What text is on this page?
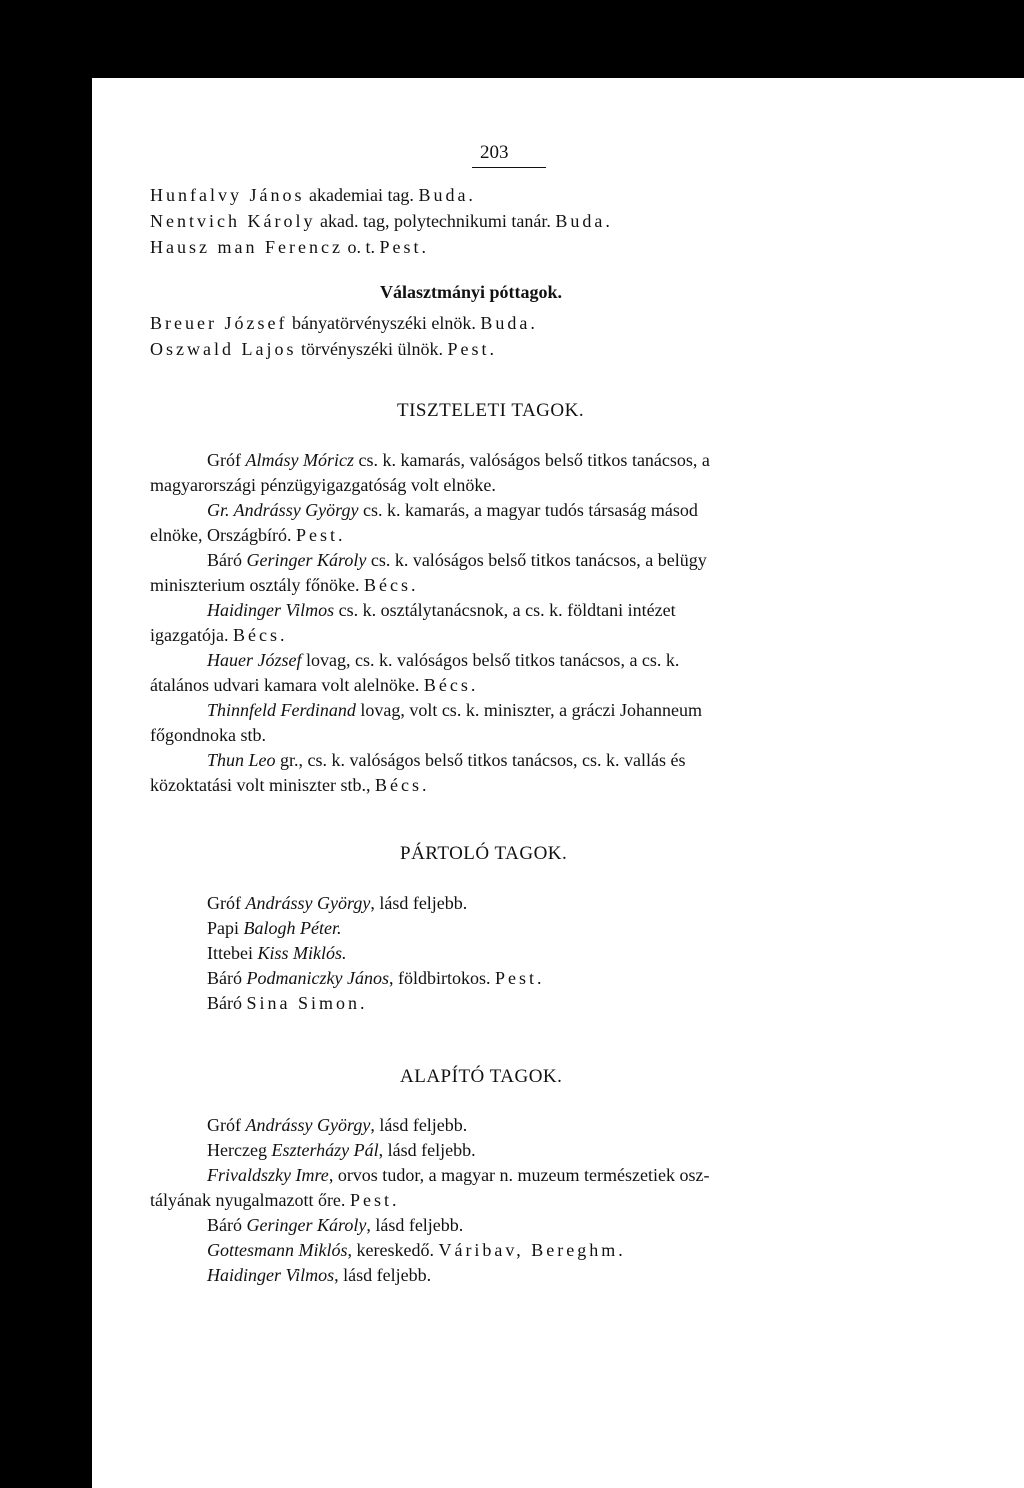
203
Hunfalvy János akademiai tag. Buda.
Nentvich Károly akad. tag, polytechnikumi tanár. Buda.
Hausz man Ferencz o. t. Pest.
Választmányi póttagok.
Breuer József bányatörvényszéki elnök. Buda.
Oszwald Lajos törvényszéki ülnök. Pest.
TISZTELETI TAGOK.
Gróf Almásy Móricz cs. k. kamarás, valóságos belső titkos tanácsos, a
magyarországi pénzügyigazgatóság volt elnöke.
Gr. Andrássy György cs. k. kamarás, a magyar tudós társaság másod
elnöke, Országbíró. Pest.
Báró Geringer Károly cs. k. valóságos belső titkos tanácsos, a belügy
miniszterium osztály főnöke. Bécs.
Haidinger Vilmos cs. k. osztálytanácsnok, a cs. k. földtani intézet
igazgatója. Bécs.
Hauer József lovag, cs. k. valóságos belső titkos tanácsos, a cs. k.
átalános udvari kamara volt alelnöke. Bécs.
Thinnfeld Ferdinand lovag, volt cs. k. miniszter, a gráczi Johanneum
főgondnoka stb.
Thun Leo gr., cs. k. valóságos belső titkos tanácsos, cs. k. vallás és
közoktatási volt miniszter stb., Bécs.
PÁRTOLÓ TAGOK.
Gróf Andrássy György, lásd feljebb.
Papi Balogh Péter.
Ittebei Kiss Miklós.
Báró Podmaniczky János, földbirtokos. Pest.
Báró Sina Simon.
ALAPÍTÓ TAGOK.
Gróf Andrássy György, lásd feljebb.
Herczeg Eszterházy Pál, lásd feljebb.
Frivaldszky Imre, orvos tudor, a magyar n. muzeum természetiek osz-
tályának nyugalmazott őre. Pest.
Báró Geringer Károly, lásd feljebb.
Gottesmann Miklós, kereskedő. Váribav, Bereghm.
Haidinger Vilmos, lásd feljebb.
